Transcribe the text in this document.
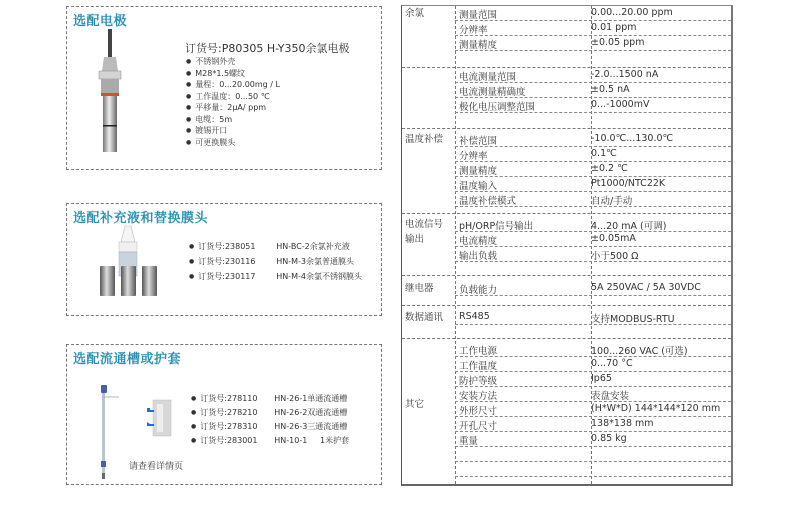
选配电极
订货号:P80305 H-Y350余氯电极
● 不锈钢外壳
● M28*1.5螺纹
● 量程：0...20.00mg / L
● 工作温度：0...50 ℃
● 平移量：2μA/ ppm
● 电缆：5m
● 镀锡开口
● 可更换膜头
选配补充液和替换膜头
● 订货号:238051	HN-BC-2余氯补充液
● 订货号:230116	HN-M-3余氯普通膜头
● 订货号:230117	HN-M-4余氯不锈钢膜头
选配流通槽或护套
● 订货号:278110 HN-26-1单通流通槽
● 订货号:278210 HN-26-2双通流通槽
● 订货号:278310 HN-26-3三通流通槽
● 订货号:283001 HN-10-1     1米护套
请查看详情页
余氯	测量范围	0.00...20.00 ppm
分辨率	0.01 ppm
测量精度	±0.05 ppm
电流测量范围	-2.0...1500 nA
电流测量精确度	±0.5 nA
极化电压调整范围	0...-1000mV
温度补偿	补偿范围	-10.0℃...130.0℃
分辨率	0.1℃
测量精度	±0.2 ℃
温度输入	Pt1000/NTC22K
温度补偿模式	自动/手动
电流信号输出
pH/ORP信号输出	4...20 mA (可调)
电流精度	±0.05mA
输出负载	小于500 Ω
继电器	负载能力	5A 250VAC / 5A 30VDC
数据通讯	RS485	支持MODBUS-RTU
其它
工作电源	100...260 VAC (可选)
工作温度	0...70 °C
防护等级	Ip65
安装方法	表盘安装
外形尺寸	(H*W*D) 144*144*120 mm
开孔尺寸	138*138 mm
重量	0.85 kg
